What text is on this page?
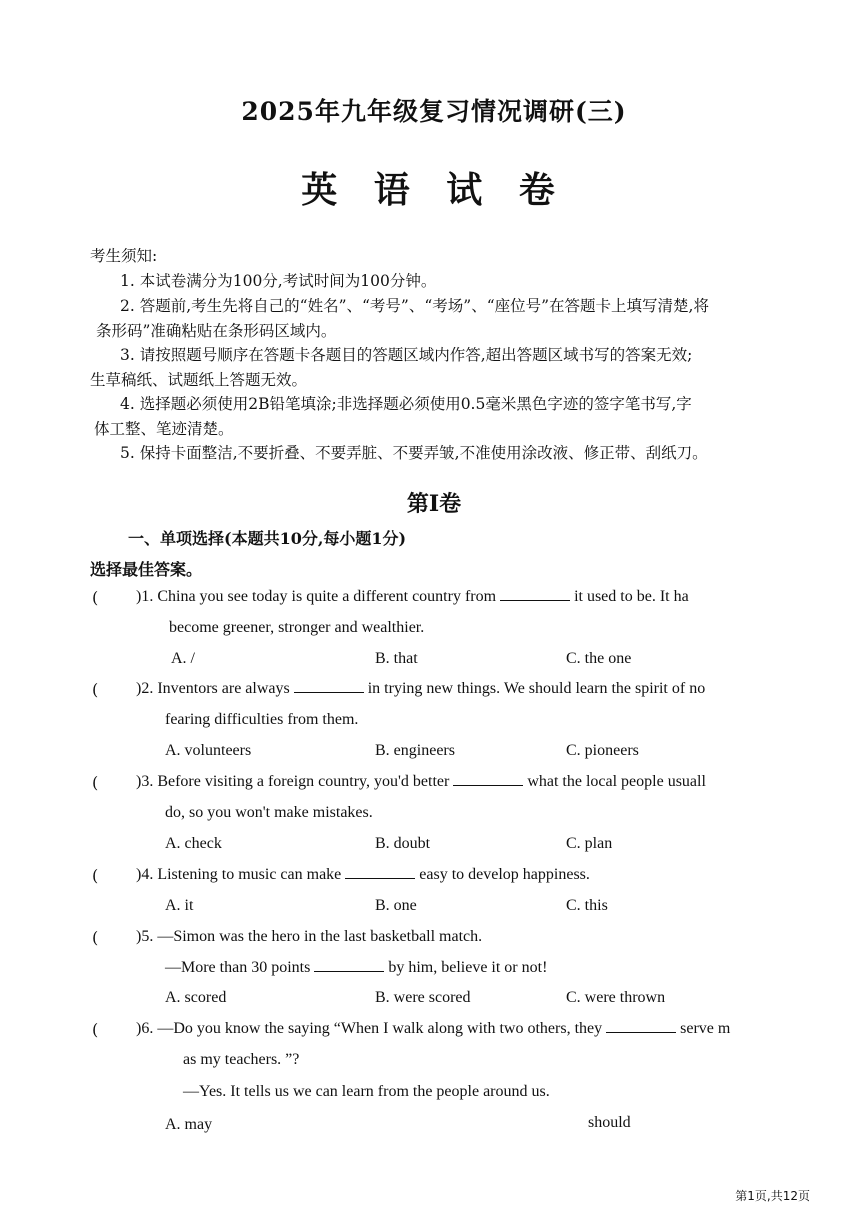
2025年九年级复习情况调研(三)
英 语 试 卷
考生须知:
1. 本试卷满分为100分,考试时间为100分钟。
2. 答题前,考生先将自己的“姓名”、“考号”、“考场”、“座位号”在答题卡上填写清楚,将
条形码”准确粘贴在条形码区域内。
3. 请按照题号顺序在答题卡各题目的答题区域内作答,超出答题区域书写的答案无效;
生草稿纸、试题纸上答题无效。
4. 选择题必须使用2B铅笔填涂;非选择题必须使用0.5毫米黑色字迹的签字笔书写,字
体工整、笔迹清楚。
5. 保持卡面整洁,不要折叠、不要弄脏、不要弄皱,不准使用涂改液、修正带、刮纸刀。
第Ⅰ卷
一、单项选择(本题共10分,每小题1分)
选择最佳答案。
( )1. China you see today is quite a different country from	it used to be. It ha
become greener, stronger and wealthier.
A. /	B. that	C. the one
( )2. Inventors are always	in trying new things. We should learn the spirit of no
fearing difficulties from them.
A. volunteers	B. engineers	C. pioneers
( )3. Before visiting a foreign country, you'd better	what the local people usuall
do, so you won't make mistakes.
A. check	B. doubt	C. plan
( )4. Listening to music can make	easy to develop happiness.
A. it	B. one	C. this
( )5. —Simon was the hero in the last basketball match.
—More than 30 points	by him, believe it or not!
A. scored	B. were scored	C. were thrown
( )6. —Do you know the saying “When I walk along with two others, they	serve m
as my teachers. ”?
—Yes. It tells us we can learn from the people around us.
A. may	should
第1页,共12页
